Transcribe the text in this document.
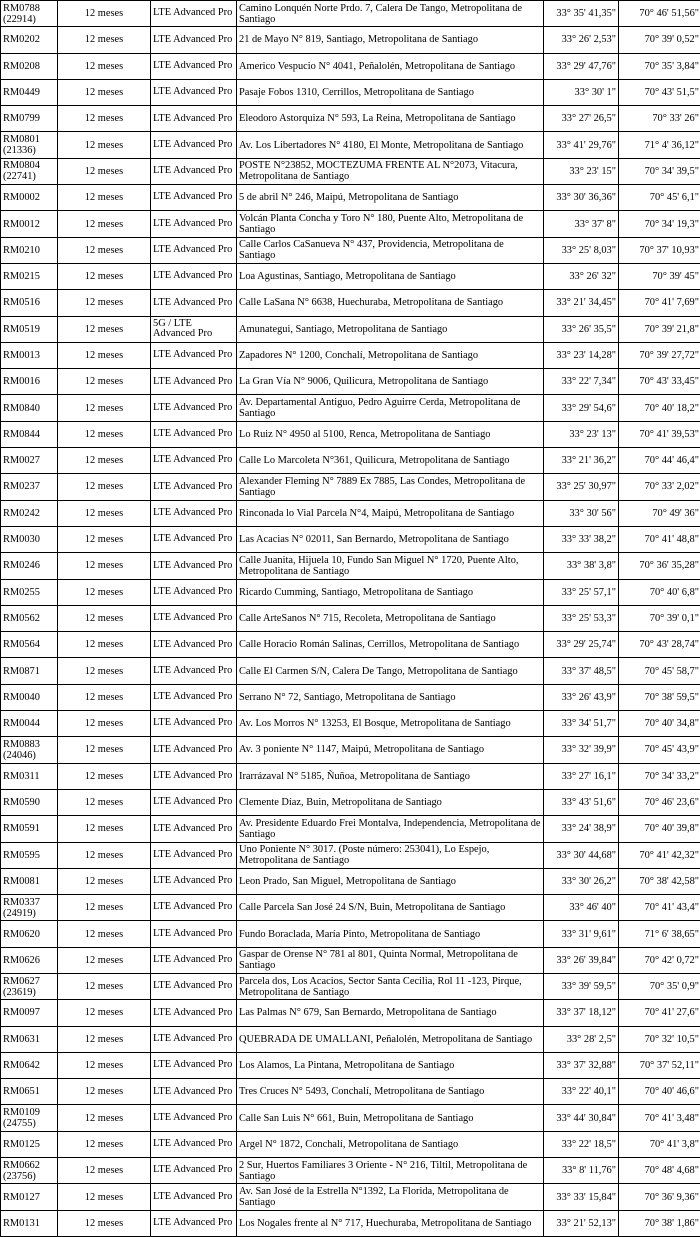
RM0788 (22914)	12 meses	LTE Advanced Pro	Camino Lonquén Norte Prdo. 7, Calera De Tango, Metropolitana de Santiago	33° 35' 41,35"	70° 46' 51,56"
RM0202	12 meses	LTE Advanced Pro	21 de Mayo N° 819, Santiago, Metropolitana de Santiago	33° 26' 2,53"	70° 39' 0,52"
RM0208	12 meses	LTE Advanced Pro	Americo Vespucio N° 4041, Peñalolén, Metropolitana de Santiago	33° 29' 47,76"	70° 35' 3,84"
RM0449	12 meses	LTE Advanced Pro	Pasaje Fobos 1310, Cerrillos, Metropolitana de Santiago	33° 30' 1"	70° 43' 51,5"
RM0799	12 meses	LTE Advanced Pro	Eleodoro Astorquiza N° 593, La Reina, Metropolitana de Santiago	33° 27' 26,5"	70° 33' 26"
RM0801 (21336)	12 meses	LTE Advanced Pro	Av. Los Libertadores N° 4180, El Monte, Metropolitana de Santiago	33° 41' 29,76"	71° 4' 36,12"
RM0804 (22741)	12 meses	LTE Advanced Pro	POSTE N°23852, MOCTEZUMA FRENTE AL N°2073, Vitacura, Metropolitana de Santiago	33° 23' 15"	70° 34' 39,5"
RM0002	12 meses	LTE Advanced Pro	5 de abril N° 246, Maipú, Metropolitana de Santiago	33° 30' 36,36"	70° 45' 6,1"
RM0012	12 meses	LTE Advanced Pro	Volcán Planta Concha y Toro N° 180, Puente Alto, Metropolitana de Santiago	33° 37' 8"	70° 34' 19,3"
RM0210	12 meses	LTE Advanced Pro	Calle Carlos CaSanueva N° 437, Providencia, Metropolitana de Santiago	33° 25' 8,03"	70° 37' 10,93"
RM0215	12 meses	LTE Advanced Pro	Loa Agustinas, Santiago, Metropolitana de Santiago	33° 26' 32"	70° 39' 45"
RM0516	12 meses	LTE Advanced Pro	Calle LaSana N° 6638, Huechuraba, Metropolitana de Santiago	33° 21' 34,45"	70° 41' 7,69"
RM0519	12 meses	5G / LTE Advanced Pro	Amunategui, Santiago, Metropolitana de Santiago	33° 26' 35,5"	70° 39' 21,8"
RM0013	12 meses	LTE Advanced Pro	Zapadores N° 1200, Conchalí, Metropolitana de Santiago	33° 23' 14,28"	70° 39' 27,72"
RM0016	12 meses	LTE Advanced Pro	La Gran Vía N° 9006, Quilicura, Metropolitana de Santiago	33° 22' 7,34"	70° 43' 33,45"
RM0840	12 meses	LTE Advanced Pro	Av. Departamental Antiguo, Pedro Aguirre Cerda, Metropolitana de Santiago	33° 29' 54,6"	70° 40' 18,2"
RM0844	12 meses	LTE Advanced Pro	Lo Ruiz N° 4950 al 5100, Renca, Metropolitana de Santiago	33° 23' 13"	70° 41' 39,53"
RM0027	12 meses	LTE Advanced Pro	Calle Lo Marcoleta N°361, Quilicura, Metropolitana de Santiago	33° 21' 36,2"	70° 44' 46,4"
RM0237	12 meses	LTE Advanced Pro	Alexander Fleming N° 7889 Ex 7885, Las Condes, Metropolitana de Santiago	33° 25' 30,97"	70° 33' 2,02"
RM0242	12 meses	LTE Advanced Pro	Rinconada lo Vial Parcela N°4, Maipú, Metropolitana de Santiago	33° 30' 56"	70° 49' 36"
RM0030	12 meses	LTE Advanced Pro	Las Acacias N° 02011, San Bernardo, Metropolitana de Santiago	33° 33' 38,2"	70° 41' 48,8"
RM0246	12 meses	LTE Advanced Pro	Calle Juanita, Hijuela 10, Fundo San Miguel N° 1720, Puente Alto, Metropolitana de Santiago	33° 38' 3,8"	70° 36' 35,28"
RM0255	12 meses	LTE Advanced Pro	Ricardo Cumming, Santiago, Metropolitana de Santiago	33° 25' 57,1"	70° 40' 6,8"
RM0562	12 meses	LTE Advanced Pro	Calle ArteSanos N° 715, Recoleta, Metropolitana de Santiago	33° 25' 53,3"	70° 39' 0,1"
RM0564	12 meses	LTE Advanced Pro	Calle Horacio Román Salinas, Cerrillos, Metropolitana de Santiago	33° 29' 25,74"	70° 43' 28,74"
RM0871	12 meses	LTE Advanced Pro	Calle El Carmen S/N, Calera De Tango, Metropolitana de Santiago	33° 37' 48,5"	70° 45' 58,7"
RM0040	12 meses	LTE Advanced Pro	Serrano N° 72, Santiago, Metropolitana de Santiago	33° 26' 43,9"	70° 38' 59,5"
RM0044	12 meses	LTE Advanced Pro	Av. Los Morros N° 13253, El Bosque, Metropolitana de Santiago	33° 34' 51,7"	70° 40' 34,8"
RM0883 (24046)	12 meses	LTE Advanced Pro	Av. 3 poniente N° 1147, Maipú, Metropolitana de Santiago	33° 32' 39,9"	70° 45' 43,9"
RM0311	12 meses	LTE Advanced Pro	Irarrázaval N° 5185, Ñuñoa, Metropolitana de Santiago	33° 27' 16,1"	70° 34' 33,2"
RM0590	12 meses	LTE Advanced Pro	Clemente Díaz, Buin, Metropolitana de Santiago	33° 43' 51,6"	70° 46' 23,6"
RM0591	12 meses	LTE Advanced Pro	Av. Presidente Eduardo Frei Montalva, Independencia, Metropolitana de Santiago	33° 24' 38,9"	70° 40' 39,8"
RM0595	12 meses	LTE Advanced Pro	Uno Poniente N° 3017. (Poste número: 253041), Lo Espejo, Metropolitana de Santiago	33° 30' 44,68"	70° 41' 42,32"
RM0081	12 meses	LTE Advanced Pro	Leon Prado, San Miguel, Metropolitana de Santiago	33° 30' 26,2"	70° 38' 42,58"
RM0337 (24919)	12 meses	LTE Advanced Pro	Calle Parcela San José 24 S/N, Buin, Metropolitana de Santiago	33° 46' 40"	70° 41' 43,4"
RM0620	12 meses	LTE Advanced Pro	Fundo Boraclada, María Pinto, Metropolitana de Santiago	33° 31' 9,61"	71° 6' 38,65"
RM0626	12 meses	LTE Advanced Pro	Gaspar de Orense N° 781 al 801, Quinta Normal, Metropolitana de Santiago	33° 26' 39,84"	70° 42' 0,72"
RM0627 (23619)	12 meses	LTE Advanced Pro	Parcela dos, Los Acacios, Sector Santa Cecilia, Rol 11 -123, Pirque, Metropolitana de Santiago	33° 39' 59,5"	70° 35' 0,9"
RM0097	12 meses	LTE Advanced Pro	Las Palmas N° 679, San Bernardo, Metropolitana de Santiago	33° 37' 18,12"	70° 41' 27,6"
RM0631	12 meses	LTE Advanced Pro	QUEBRADA DE UMALLANI, Peñalolén, Metropolitana de Santiago	33° 28' 2,5"	70° 32' 10,5"
RM0642	12 meses	LTE Advanced Pro	Los Alamos, La Pintana, Metropolitana de Santiago	33° 37' 32,88"	70° 37' 52,11"
RM0651	12 meses	LTE Advanced Pro	Tres Cruces N° 5493, Conchalí, Metropolitana de Santiago	33° 22' 40,1"	70° 40' 46,6"
RM0109 (24755)	12 meses	LTE Advanced Pro	Calle San Luis N° 661, Buin, Metropolitana de Santiago	33° 44' 30,84"	70° 41' 3,48"
RM0125	12 meses	LTE Advanced Pro	Argel N° 1872, Conchalí, Metropolitana de Santiago	33° 22' 18,5"	70° 41' 3,8"
RM0662 (23756)	12 meses	LTE Advanced Pro	2 Sur, Huertos Familiares 3 Oriente - N° 216, Tiltil, Metropolitana de Santiago	33° 8' 11,76"	70° 48' 4,68"
RM0127	12 meses	LTE Advanced Pro	Av. San José de la Estrella N°1392, La Florida, Metropolitana de Santiago	33° 33' 15,84"	70° 36' 9,36"
RM0131	12 meses	LTE Advanced Pro	Los Nogales frente al N° 717, Huechuraba, Metropolitana de Santiago	33° 21' 52,13"	70° 38' 1,86"
